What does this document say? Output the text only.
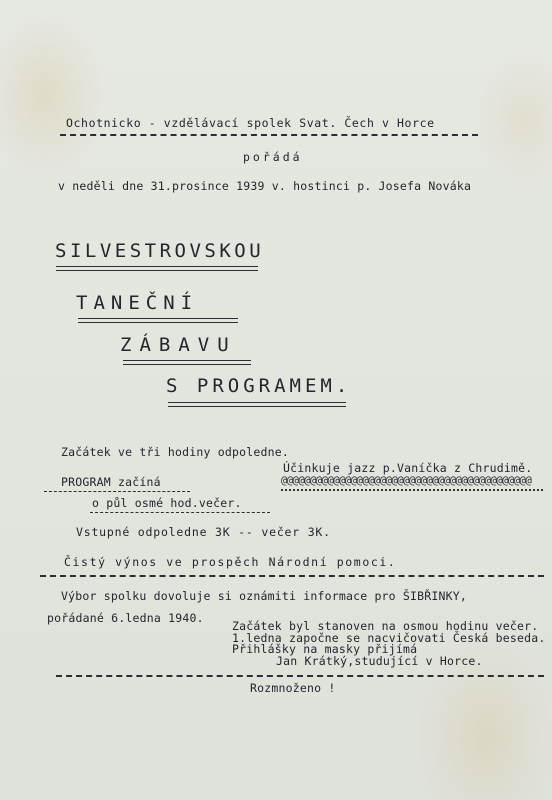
Ochotnicko - vzdělávací spolek Svat. Čech v Horce
pořádá
v neděli dne 31.prosince 1939 v. hostinci p. Josefa Nováka
SILVESTROVSKOU
TANEČNÍ
ZÁBAVU
S PROGRAMEM.
Začátek ve tři hodiny odpoledne.
PROGRAM začíná
o půl osmé hod.večer.
Účinkuje jazz p.Vaníčka z Chrudimě.
@@@@@@@@@@@@@@@@@@@@@@@@@@@@@@@@@@@@@@@@@@@
Vstupné odpoledne 3K -- večer 3K.
Čistý výnos ve prospěch Národní pomoci.
Výbor spolku dovoluje si oznámiti informace pro ŠIBŘINKY,
pořádané 6.ledna 1940.
Začátek byl stanoven na osmou hodinu večer.
1.ledna započne se nacvičovati Česká beseda.
Přihlášky na masky přijímá
Jan Krátký,studující v Horce.
Rozmnoženo !
